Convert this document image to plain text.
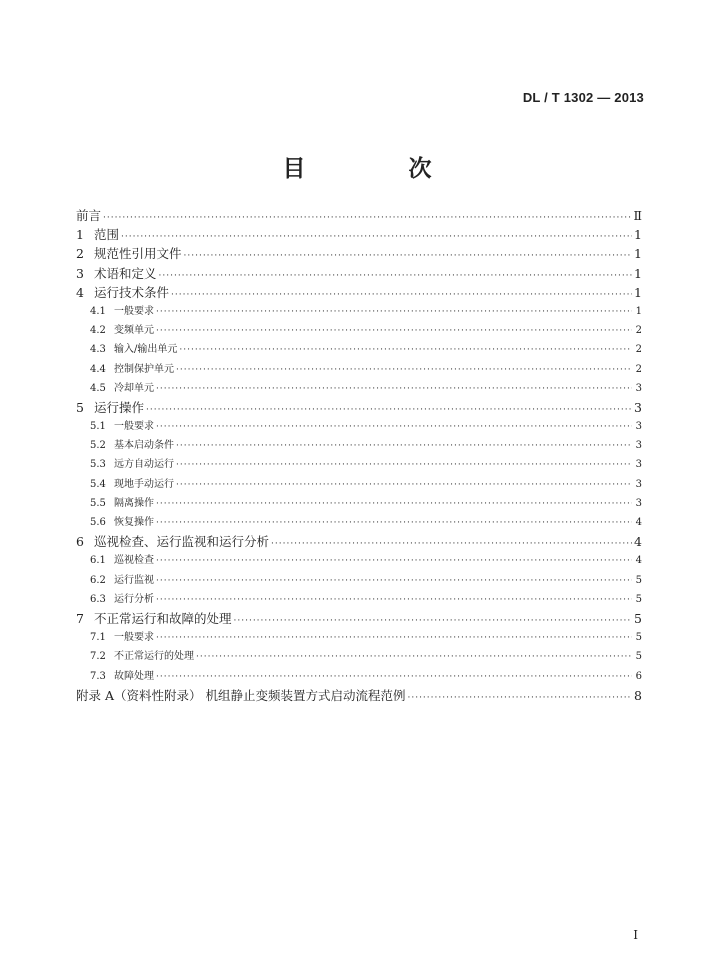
DL / T 1302 — 2013
目　次
前言 ·····	Ⅱ
1 范围 ·····	1
2 规范性引用文件 ·····	1
3 术语和定义 ·····	1
4 运行技术条件 ·····	1
4.1 一般要求 ·····	1
4.2 变频单元 ·····	2
4.3 输入/输出单元 ·····	2
4.4 控制保护单元 ·····	2
4.5 冷却单元 ·····	3
5 运行操作 ·····	3
5.1 一般要求 ·····	3
5.2 基本启动条件 ·····	3
5.3 远方自动运行 ·····	3
5.4 现地手动运行 ·····	3
5.5 隔离操作 ·····	3
5.6 恢复操作 ·····	4
6 巡视检查、运行监视和运行分析 ·····	4
6.1 巡视检查 ·····	4
6.2 运行监视 ·····	5
6.3 运行分析 ·····	5
7 不正常运行和故障的处理 ·····	5
7.1 一般要求 ·····	5
7.2 不正常运行的处理 ·····	5
7.3 故障处理 ·····	6
附录 A（资料性附录） 机组静止变频装置方式启动流程范例 ·····	8
I
